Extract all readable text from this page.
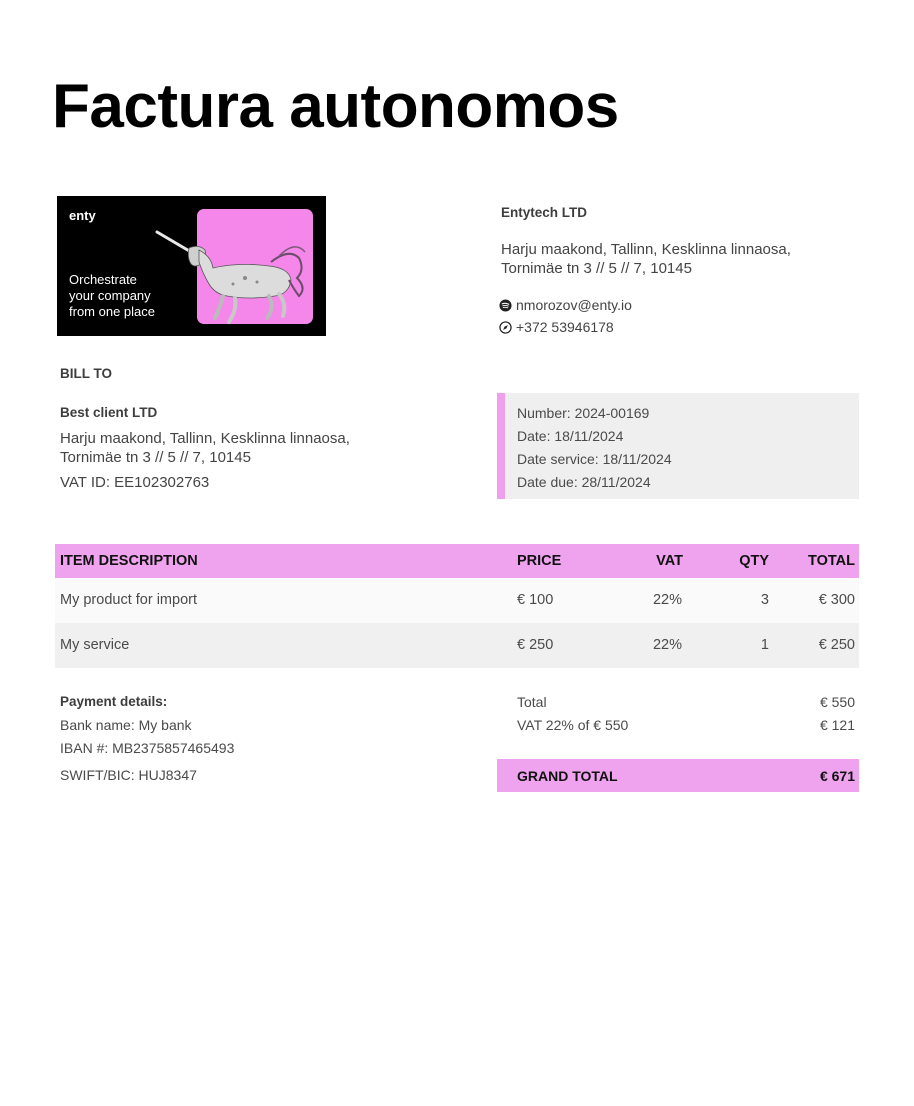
Factura autonomos
enty
Orchestrate
your company
from one place
Entytech LTD
Harju maakond, Tallinn, Kesklinna linnaosa,
Tornimäe tn 3 // 5 // 7, 10145
nmorozov@enty.io
+372 53946178
BILL TO
Best client LTD
Harju maakond, Tallinn, Kesklinna linnaosa,
Tornimäe tn 3 // 5 // 7, 10145
VAT ID: EE102302763
Number: 2024-00169
Date: 18/11/2024
Date service: 18/11/2024
Date due: 28/11/2024
ITEM DESCRIPTION	PRICE	VAT	QTY	TOTAL
My product for import	€ 100	22%	3	€ 300
My service	€ 250	22%	1	€ 250
Payment details:
Bank name: My bank
IBAN #: MB2375857465493
SWIFT/BIC: HUJ8347
Total	€ 550
VAT 22% of € 550	€ 121
GRAND TOTAL	€ 671
